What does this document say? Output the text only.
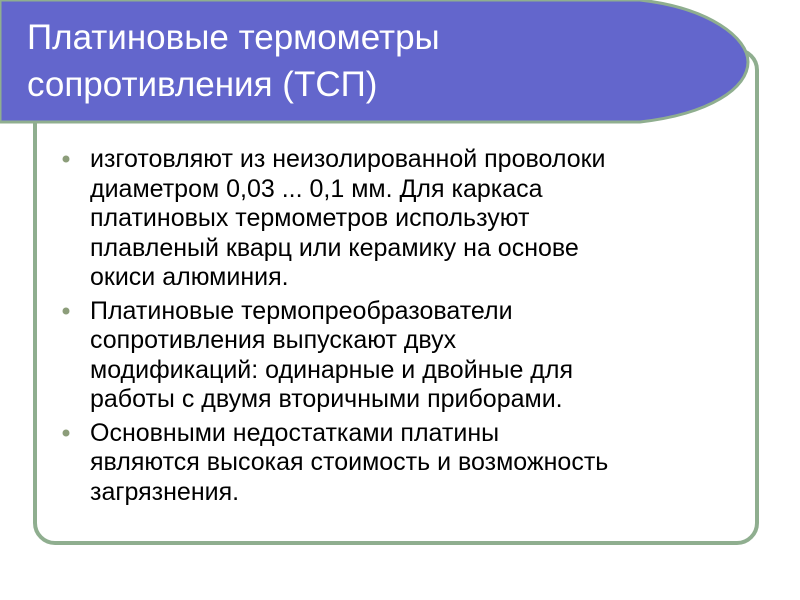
Платиновые термометры
сопротивления (ТСП)
изготовляют из неизолированной проволоки
диаметром 0,03 ... 0,1 мм. Для каркаса
платиновых термометров используют
плавленый кварц или керамику на основе
окиси алюминия.
Платиновые термопреобразователи
сопротивления выпускают двух
модификаций: одинарные и двойные для
работы с двумя вторичными приборами.
Основными недостатками платины
являются высокая стоимость и возможность
загрязнения.
